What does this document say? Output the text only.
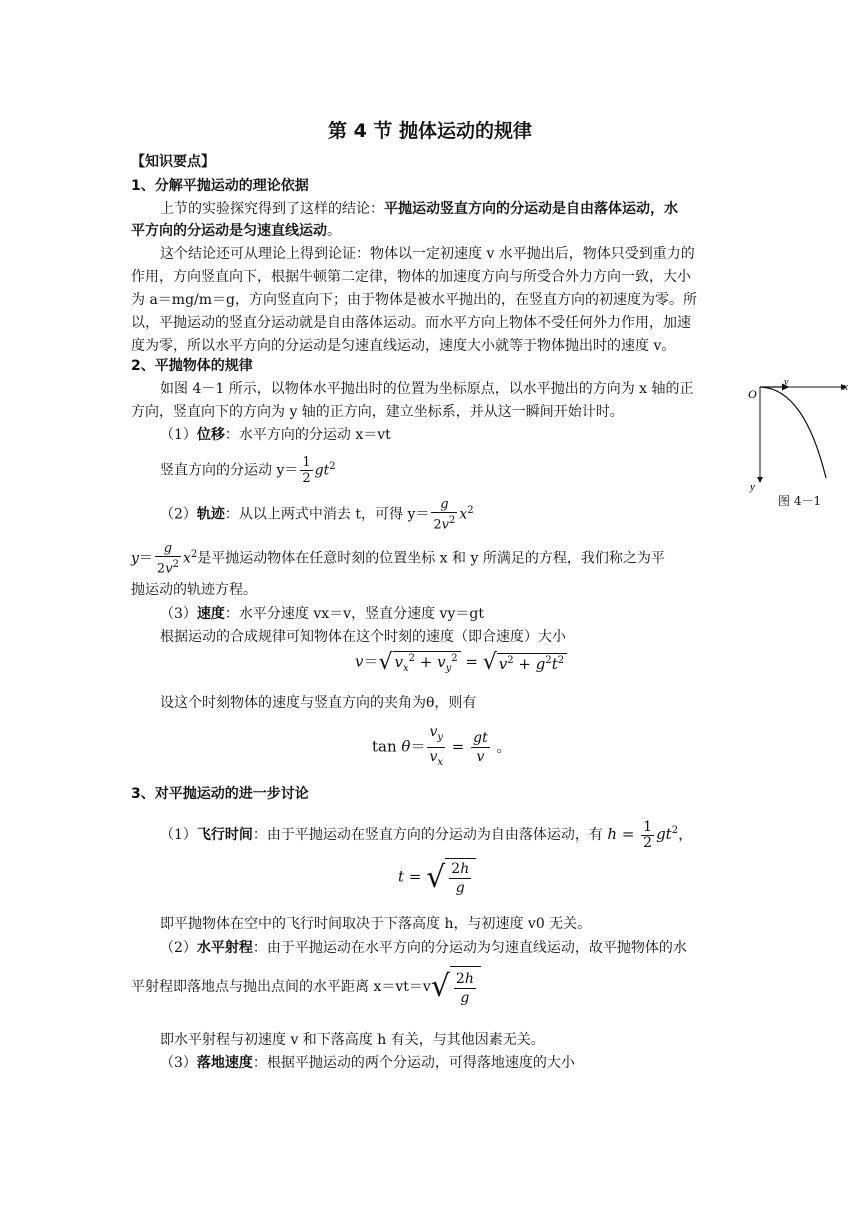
第 4 节 抛体运动的规律
【知识要点】
1、分解平抛运动的理论依据
上节的实验探究得到了这样的结论：平抛运动竖直方向的分运动是自由落体运动，水
平方向的分运动是匀速直线运动。
这个结论还可从理论上得到论证：物体以一定初速度 v 水平抛出后，物体只受到重力的
作用，方向竖直向下，根据牛顿第二定律，物体的加速度方向与所受合外力方向一致，大小
为 a＝mg/m＝g，方向竖直向下；由于物体是被水平抛出的，在竖直方向的初速度为零。所
以，平抛运动的竖直分运动就是自由落体运动。而水平方向上物体不受任何外力作用，加速
度为零，所以水平方向的分运动是匀速直线运动，速度大小就等于物体抛出时的速度 v。
2、平抛物体的规律
如图 4－1 所示，以物体水平抛出时的位置为坐标原点，以水平抛出的方向为 x 轴的正
方向，竖直向下的方向为 y 轴的正方向，建立坐标系，并从这一瞬间开始计时。
（1）位移：水平方向的分运动 x＝vt
竖直方向的分运动 $y= \frac{1}{2} gt^2$
（2）轨迹：从以上两式中消去 t，可得 $y= \frac{g}{2v^2} x^2$
$y= \frac{g}{2v^2} x^2$是平抛运动物体在任意时刻的位置坐标 x 和 y 所满足的方程，我们称之为平
抛运动的轨迹方程。
（3）速度：水平分速度 vx＝v，竖直分速度 vy＝gt
根据运动的合成规律可知物体在这个时刻的速度（即合速度）大小
v＝√ $v_x^2 + v_y^2$ = √ $v^2 + g^2t^2$
设这个时刻物体的速度与竖直方向的夹角为θ，则有
$\tan \theta= \frac{v_y}{v_x} = \frac{gt}{v}$ 。
3、对平抛运动的进一步讨论
（1）飞行时间：由于平抛运动在竖直方向的分运动为自由落体运动，有 $h = \frac{1}{2} gt^2$，
t = √ $\frac{2h}{g}$
即平抛物体在空中的飞行时间取决于下落高度 h，与初速度 v0 无关。
（2）水平射程：由于平抛运动在水平方向的分运动为匀速直线运动，故平抛物体的水
平射程即落地点与抛出点间的水平距离 $x=vt=v√ \frac{2h}{g}$
即水平射程与初速度 v 和下落高度 h 有关，与其他因素无关。
（3）落地速度：根据平抛运动的两个分运动，可得落地速度的大小
O
v	x
y
图 4－1
